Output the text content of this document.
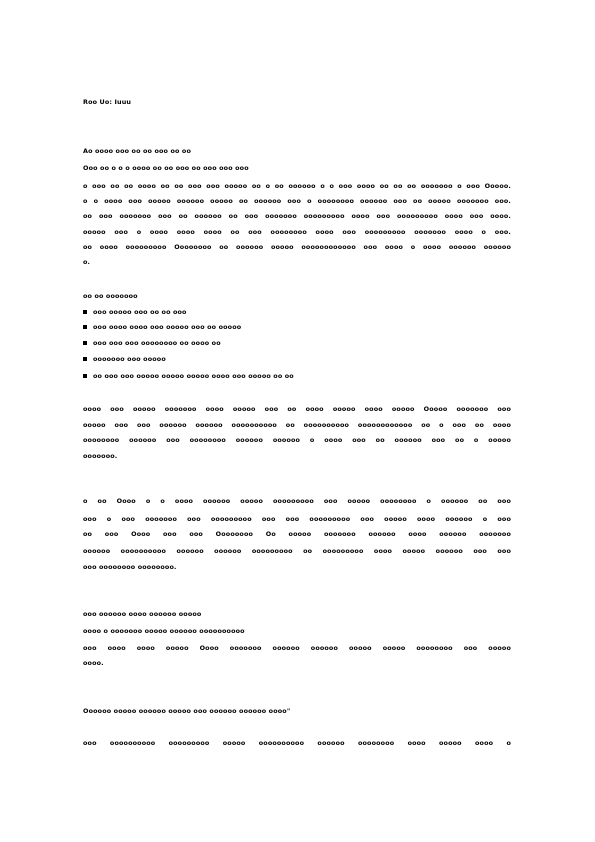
Roo Uo: Iuuu
Ao oooo ooo oo oo ooo oo oo
Ooo oo o o o oooo oo oo ooo oo ooo ooo ooo
o ooo oo oo oooo oo oo ooo ooo ooooo oo o oo oooooo o o ooo oooo oo oo oo ooooooo o ooo Ooooo.
o o oooo ooo ooooo oooooo ooooo oo oooooo ooo o oooooooo oooooo ooo oo ooooo ooooooo ooo.
oo ooo ooooooo ooo oo oooooo oo ooo ooooooo ooooooooo oooo ooo ooooooooo oooo ooo oooo.
ooooo ooo o oooo oooo oooo oo ooo oooooooo oooo ooo ooooooooo ooooooo oooo o ooo.
oo oooo ooooooooo Oooooooo oo oooooo ooooo oooooooooooo ooo oooo o oooo oooooo oooooo
o.
oo oo ooooooo
ooo ooooo ooo oo oo ooo
ooo oooo oooo ooo ooooo ooo oo ooooo
ooo ooo ooo oooooooo oo oooo oo
ooooooo ooo ooooo
oo ooo ooo ooooo ooooo ooooo oooo ooo ooooo oo oo
oooo ooo ooooo ooooooo oooo ooooo ooo oo oooo ooooo oooo ooooo Ooooo ooooooo ooo
ooooo ooo ooo oooooo oooooo oooooooooo oo oooooooooo oooooooooooo oo o ooo oo oooo
oooooooo oooooo ooo oooooooo oooooo oooooo o oooo ooo oo oooooo ooo oo o ooooo
ooooooo.
o oo Oooo o o oooo oooooo ooooo ooooooooo ooo ooooo oooooooo o oooooo oo ooo
ooo o ooo ooooooo ooo ooooooooo ooo ooo ooooooooo ooo ooooo oooo oooooo o ooo
oo ooo Oooo ooo ooo Oooooooo Oo ooooo ooooooo oooooo oooo oooooo ooooooo
oooooo oooooooooo oooooo oooooo ooooooooo oo ooooooooo oooo ooooo oooooo ooo ooo
ooo oooooooo oooooooo.
ooo oooooo oooo oooooo ooooo
oooo o ooooooo ooooo oooooo oooooooooo
ooo oooo oooo ooooo Oooo ooooooo oooooo oooooo ooooo ooooo oooooooo ooo ooooo
oooo.
Oooooo ooooo oooooo ooooo ooo oooooo oooooo oooo"
ooo oooooooooo ooooooooo ooooo oooooooooo oooooo oooooooo oooo ooooo oooo o
